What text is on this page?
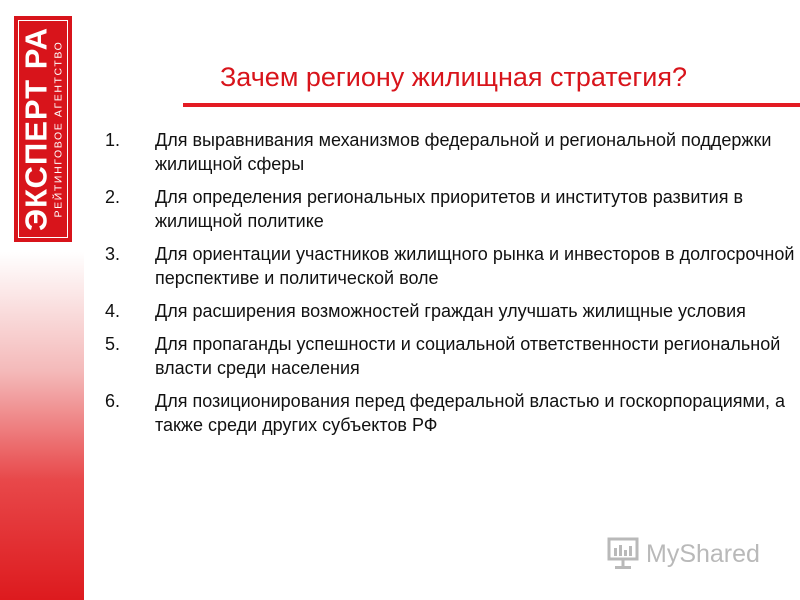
ЭКСПЕРТ РА РЕЙТИНГОВОЕ АГЕНТСТВО	Зачем региону жилищная стратегия?
1.	Для выравнивания механизмов федеральной и региональной поддержки жилищной сферы
2.	Для определения региональных приоритетов и институтов развития в жилищной политике
3.	Для ориентации участников жилищного рынка и инвесторов в долгосрочной перспективе и политической воле
4.	Для расширения возможностей граждан улучшать жилищные условия
5.	Для пропаганды успешности и социальной ответственности региональной власти среди населения
6.	Для позиционирования перед федеральной властью и госкорпорациями, а также среди других субъектов РФ
MyShared
